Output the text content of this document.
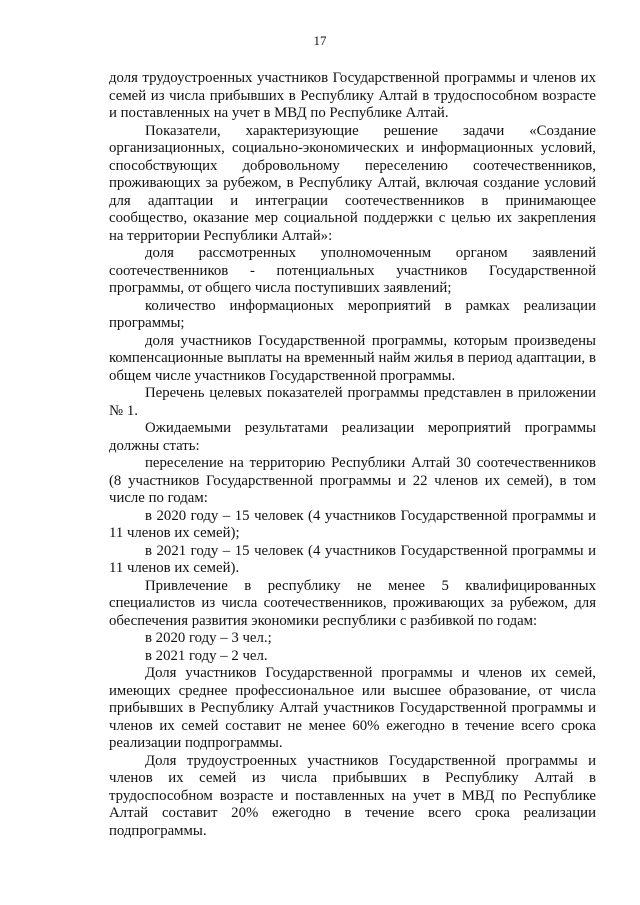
17

доля трудоустроенных участников Государственной программы и членов их семей из числа прибывших в Республику Алтай в трудоспособном возрасте и поставленных на учет в МВД по Республике Алтай.

Показатели, характеризующие решение задачи «Создание организационных, социально-экономических и информационных условий, способствующих добровольному переселению соотечественников, проживающих за рубежом, в Республику Алтай, включая создание условий для адаптации и интеграции соотечественников в принимающее сообщество, оказание мер социальной поддержки с целью их закрепления на территории Республики Алтай»:

доля рассмотренных уполномоченным органом заявлений соотечественников - потенциальных участников Государственной программы, от общего числа поступивших заявлений;

количество информационых мероприятий в рамках реализации программы;

доля участников Государственной программы, которым произведены компенсационные выплаты на временный найм жилья в период адаптации, в общем числе участников Государственной программы.

Перечень целевых показателей программы представлен в приложении № 1.

Ожидаемыми результатами реализации мероприятий программы должны стать:

переселение на территорию Республики Алтай 30 соотечественников (8 участников Государственной программы и 22 членов их семей), в том числе по годам:

в 2020 году – 15 человек (4 участников Государственной программы и 11 членов их семей);

в 2021 году – 15 человек (4 участников Государственной программы и 11 членов их семей).

Привлечение в республику не менее 5 квалифицированных специалистов из числа соотечественников, проживающих за рубежом, для обеспечения развития экономики республики с разбивкой по годам:

в 2020 году – 3 чел.;

в 2021 году – 2 чел.

Доля участников Государственной программы и членов их семей, имеющих среднее профессиональное или высшее образование, от числа прибывших в Республику Алтай участников Государственной программы и членов их семей составит не менее 60% ежегодно в течение всего срока реализации подпрограммы.

Доля трудоустроенных участников Государственной программы и членов их семей из числа прибывших в Республику Алтай в трудоспособном возрасте и поставленных на учет в МВД по Республике Алтай составит 20% ежегодно в течение всего срока реализации подпрограммы.
